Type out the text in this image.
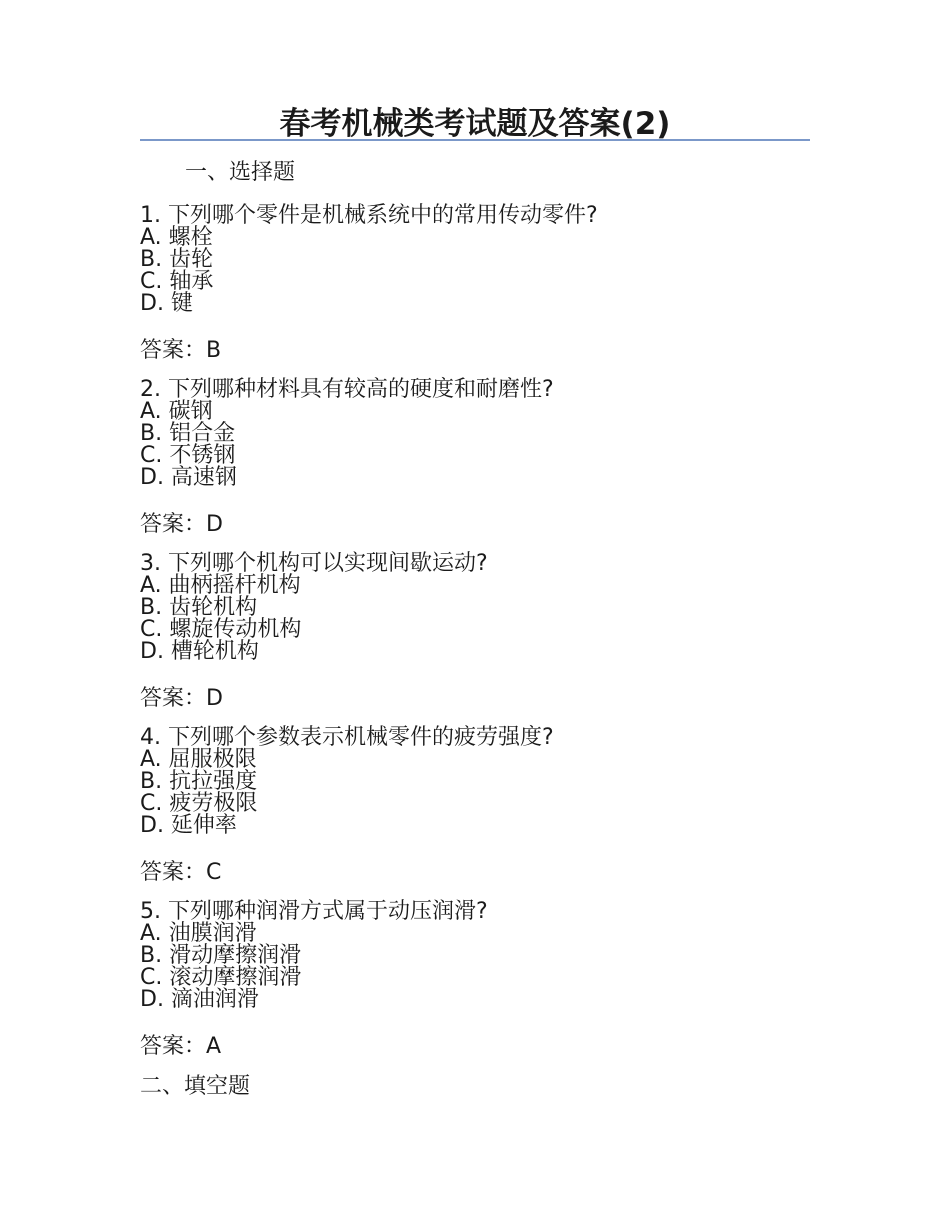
春考机械类考试题及答案(2)
一、选择题
1. 下列哪个零件是机械系统中的常用传动零件?
A. 螺栓
B. 齿轮
C. 轴承
D. 键
答案：B
2. 下列哪种材料具有较高的硬度和耐磨性?
A. 碳钢
B. 铝合金
C. 不锈钢
D. 高速钢
答案：D
3. 下列哪个机构可以实现间歇运动?
A. 曲柄摇杆机构
B. 齿轮机构
C. 螺旋传动机构
D. 槽轮机构
答案：D
4. 下列哪个参数表示机械零件的疲劳强度?
A. 屈服极限
B. 抗拉强度
C. 疲劳极限
D. 延伸率
答案：C
5. 下列哪种润滑方式属于动压润滑?
A. 油膜润滑
B. 滑动摩擦润滑
C. 滚动摩擦润滑
D. 滴油润滑
答案：A
二、填空题
